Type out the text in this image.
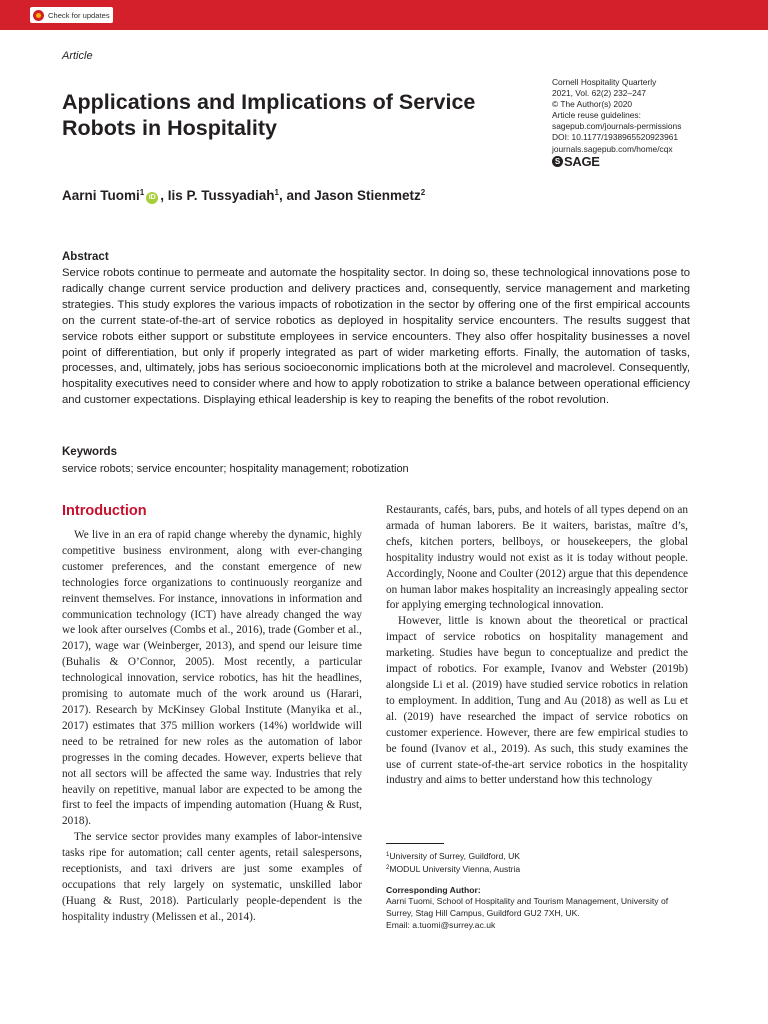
Check for updates
Article
Applications and Implications of Service Robots in Hospitality
Cornell Hospitality Quarterly
2021, Vol. 62(2) 232–247
© The Author(s) 2020
Article reuse guidelines:
sagepub.com/journals-permissions
DOI: 10.1177/1938965520923961
journals.sagepub.com/home/cqx
S SAGE
Aarni Tuomi$^1$iD , Iis P. Tussyadiah$^1$, and Jason Stienmetz$^2$
Abstract
Service robots continue to permeate and automate the hospitality sector. In doing so, these technological innovations pose to radically change current service production and delivery practices and, consequently, service management and marketing strategies. This study explores the various impacts of robotization in the sector by offering one of the first empirical accounts on the current state-of-the-art of service robotics as deployed in hospitality service encounters. The results suggest that service robots either support or substitute employees in service encounters. They also offer hospitality businesses a novel point of differentiation, but only if properly integrated as part of wider marketing efforts. Finally, the automation of tasks, processes, and, ultimately, jobs has serious socioeconomic implications both at the microlevel and macrolevel. Consequently, hospitality executives need to consider where and how to apply robotization to strike a balance between operational efficiency and customer expectations. Displaying ethical leadership is key to reaping the benefits of the robot revolution.
Keywords
service robots; service encounter; hospitality management; robotization
Introduction

We live in an era of rapid change whereby the dynamic, highly competitive business environment, along with ever-changing customer preferences, and the constant emergence of new technologies force organizations to continuously reorganize and reinvent themselves. For instance, innovations in information and communication technology (ICT) have already changed the way we look after ourselves (Combs et al., 2016), trade (Gomber et al., 2017), wage war (Weinberger, 2013), and spend our leisure time (Buhalis & O’Connor, 2005). Most recently, a particular technological innovation, service robotics, has hit the headlines, promising to automate much of the work around us (Harari, 2017). Research by McKinsey Global Institute (Manyika et al., 2017) estimates that 375 million workers (14%) worldwide will need to be retrained for new roles as the automation of labor progresses in the coming decades. However, experts believe that not all sectors will be affected the same way. Industries that rely heavily on repetitive, manual labor are expected to be among the first to feel the impacts of impending automation (Huang & Rust, 2018).

The service sector provides many examples of labor-intensive tasks ripe for automation; call center agents, retail salespersons, receptionists, and taxi drivers are just some examples of occupations that rely largely on systematic, unskilled labor (Huang & Rust, 2018). Particularly people-dependent is the hospitality industry (Melissen et al., 2014).

Restaurants, cafés, bars, pubs, and hotels of all types depend on an armada of human laborers. Be it waiters, baristas, maître d’s, chefs, kitchen porters, bellboys, or housekeepers, the global hospitality industry would not exist as it is today without people. Accordingly, Noone and Coulter (2012) argue that this dependence on human labor makes hospitality an increasingly appealing sector for applying emerging technological innovation.

However, little is known about the theoretical or practical impact of service robotics on hospitality management and marketing. Studies have begun to conceptualize and predict the impact of robotics. For example, Ivanov and Webster (2019b) alongside Li et al. (2019) have studied service robotics in relation to employment. In addition, Tung and Au (2018) as well as Lu et al. (2019) have researched the impact of service robotics on customer experience. However, there are few empirical studies to be found (Ivanov et al., 2019). As such, this study examines the use of current state-of-the-art service robotics in the hospitality industry and aims to better understand how this technology

$^1$University of Surrey, Guildford, UK
$^2$MODUL University Vienna, Austria
Corresponding Author:
Aarni Tuomi, School of Hospitality and Tourism Management, University of Surrey, Stag Hill Campus, Guildford GU2 7XH, UK.
Email: a.tuomi@surrey.ac.uk
